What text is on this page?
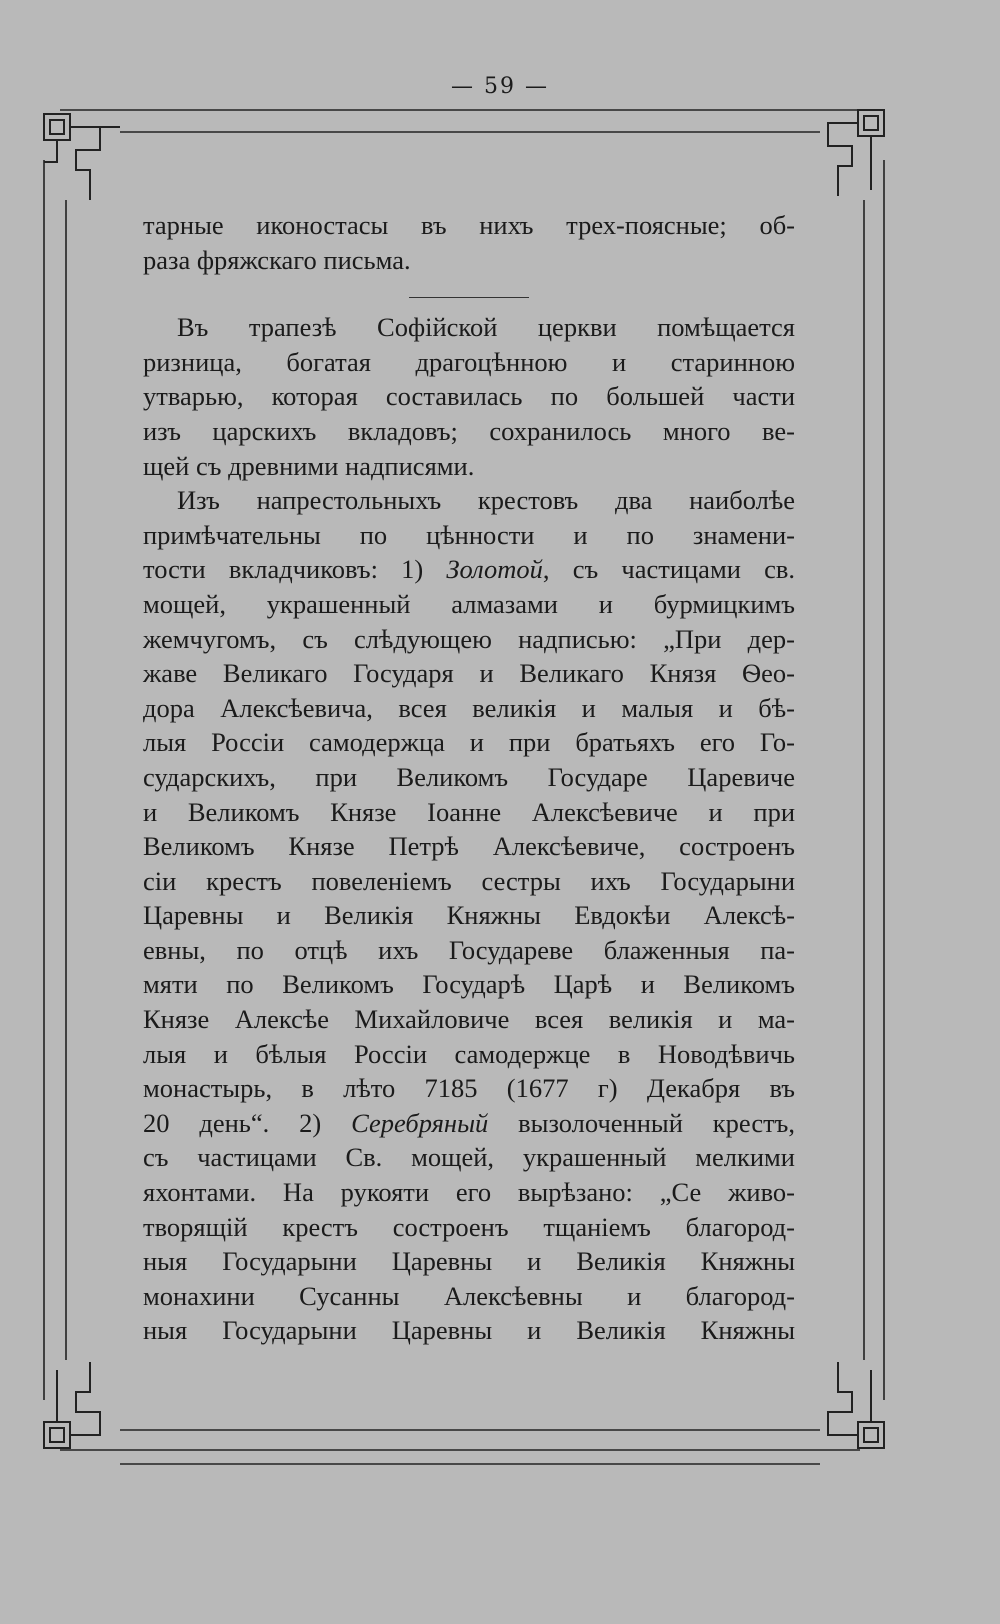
— 59 —
тарные иконостасы въ нихъ трех-поясные; об-
раза фряжскаго письма.
Въ трапезѣ Софійской церкви помѣщается
ризница, богатая драгоцѣнною и старинною
утварью, которая составилась по большей части
изъ царскихъ вкладовъ; сохранилось много ве-
щей съ древними надписями.
Изъ напрестольныхъ крестовъ два наиболѣе
примѣчательны по цѣнности и по знамени-
тости вкладчиковъ: 1) Золотой, съ частицами св.
мощей, украшенный алмазами и бурмицкимъ
жемчугомъ, съ слѣдующею надписью: „При дер-
жаве Великаго Государя и Великаго Князя Ѳео-
дора Алексѣевича, всея великія и малыя и бѣ-
лыя Россіи самодержца и при братьяхъ его Го-
сударскихъ, при Великомъ Государе Царевиче
и Великомъ Князе Іоанне Алексѣевиче и при
Великомъ Князе Петрѣ Алексѣевиче, состроенъ
сіи крестъ повеленіемъ сестры ихъ Государыни
Царевны и Великія Княжны Евдокѣи Алексѣ-
евны, по отцѣ ихъ Государеве блаженныя па-
мяти по Великомъ Государѣ Царѣ и Великомъ
Князе Алексѣе Михайловиче всея великія и ма-
лыя и бѣлыя Россіи самодержце в Новодѣвичь
монастырь, в лѣто 7185 (1677 г) Декабря въ
20 день“. 2) Серебряный вызолоченный крестъ,
съ частицами Св. мощей, украшенный мелкими
яхонтами. На рукояти его вырѣзано: „Се живо-
творящій крестъ состроенъ тщаніемъ благород-
ныя Государыни Царевны и Великія Княжны
монахини Сусанны Алексѣевны и благород-
ныя Государыни Царевны и Великія Княжны
